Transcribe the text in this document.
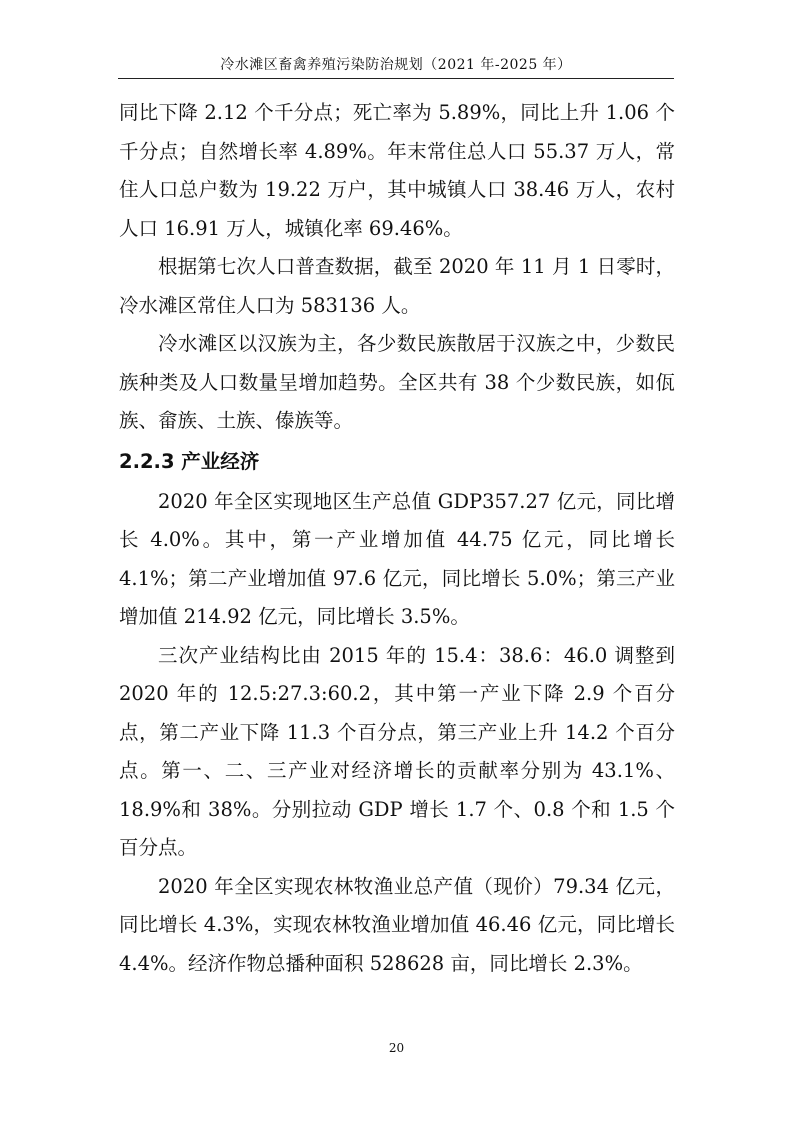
冷水滩区畜禽养殖污染防治规划（2021 年-2025 年）

同比下降 2.12 个千分点；死亡率为 5.89%，同比上升 1.06 个千分点；自然增长率 4.89%。年末常住总人口 55.37 万人，常住人口总户数为 19.22 万户，其中城镇人口 38.46 万人，农村人口 16.91 万人，城镇化率 69.46%。

根据第七次人口普查数据，截至 2020 年 11 月 1 日零时，冷水滩区常住人口为 583136 人。

冷水滩区以汉族为主，各少数民族散居于汉族之中，少数民族种类及人口数量呈增加趋势。全区共有 38 个少数民族，如佤族、畲族、土族、傣族等。

2.2.3 产业经济

2020 年全区实现地区生产总值 GDP357.27 亿元，同比增长 4.0%。其中，第一产业增加值 44.75 亿元，同比增长 4.1%；第二产业增加值 97.6 亿元，同比增长 5.0%；第三产业增加值 214.92 亿元，同比增长 3.5%。

三次产业结构比由 2015 年的 15.4：38.6：46.0 调整到 2020 年的 12.5:27.3:60.2，其中第一产业下降 2.9 个百分点，第二产业下降 11.3 个百分点，第三产业上升 14.2 个百分点。第一、二、三产业对经济增长的贡献率分别为 43.1%、18.9%和 38%。分别拉动 GDP 增长 1.7 个、0.8 个和 1.5 个百分点。

2020 年全区实现农林牧渔业总产值（现价）79.34 亿元，同比增长 4.3%，实现农林牧渔业增加值 46.46 亿元，同比增长 4.4%。经济作物总播种面积 528628 亩，同比增长 2.3%。

20
